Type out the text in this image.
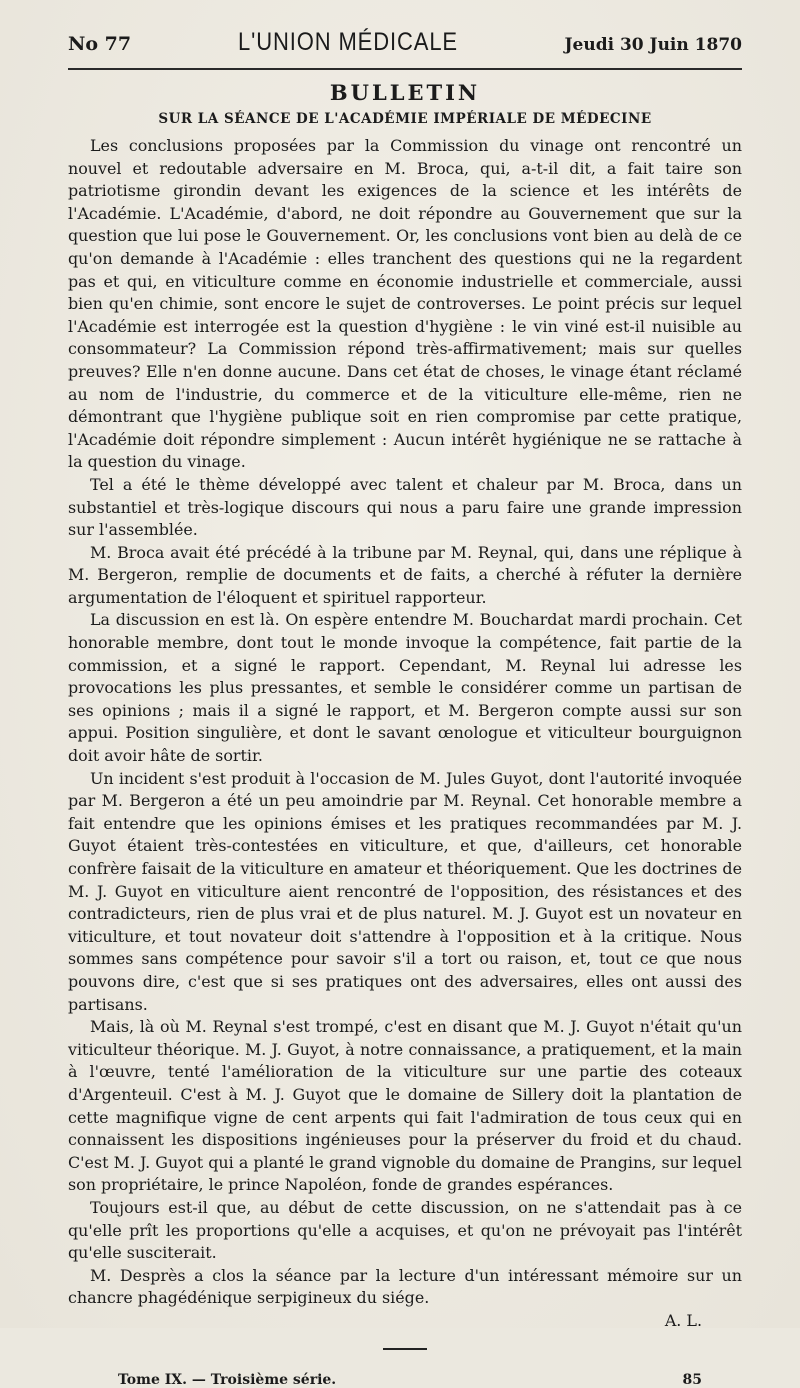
No 77	L'UNION MÉDICALE	Jeudi 30 Juin 1870
BULLETIN
SUR LA SÉANCE DE L'ACADÉMIE IMPÉRIALE DE MÉDECINE

Les conclusions proposées par la Commission du vinage ont rencontré un nouvel et redoutable adversaire en M. Broca, qui, a-t-il dit, a fait taire son patriotisme girondin devant les exigences de la science et les intérêts de l'Académie. L'Académie, d'abord, ne doit répondre au Gouvernement que sur la question que lui pose le Gouvernement. Or, les conclusions vont bien au delà de ce qu'on demande à l'Académie : elles tranchent des questions qui ne la regardent pas et qui, en viticulture comme en économie industrielle et commerciale, aussi bien qu'en chimie, sont encore le sujet de controverses. Le point précis sur lequel l'Académie est interrogée est la question d'hygiène : le vin viné est-il nuisible au consommateur? La Commission répond très-affirmativement; mais sur quelles preuves? Elle n'en donne aucune. Dans cet état de choses, le vinage étant réclamé au nom de l'industrie, du commerce et de la viticulture elle-même, rien ne démontrant que l'hygiène publique soit en rien compromise par cette pratique, l'Académie doit répondre simplement : Aucun intérêt hygiénique ne se rattache à la question du vinage.

Tel a été le thème développé avec talent et chaleur par M. Broca, dans un substantiel et très-logique discours qui nous a paru faire une grande impression sur l'assemblée.

M. Broca avait été précédé à la tribune par M. Reynal, qui, dans une réplique à M. Bergeron, remplie de documents et de faits, a cherché à réfuter la dernière argumentation de l'éloquent et spirituel rapporteur.

La discussion en est là. On espère entendre M. Bouchardat mardi prochain. Cet honorable membre, dont tout le monde invoque la compétence, fait partie de la commission, et a signé le rapport. Cependant, M. Reynal lui adresse les provocations les plus pressantes, et semble le considérer comme un partisan de ses opinions ; mais il a signé le rapport, et M. Bergeron compte aussi sur son appui. Position singulière, et dont le savant œnologue et viticulteur bourguignon doit avoir hâte de sortir.

Un incident s'est produit à l'occasion de M. Jules Guyot, dont l'autorité invoquée par M. Bergeron a été un peu amoindrie par M. Reynal. Cet honorable membre a fait entendre que les opinions émises et les pratiques recommandées par M. J. Guyot étaient très-contestées en viticulture, et que, d'ailleurs, cet honorable confrère faisait de la viticulture en amateur et théoriquement. Que les doctrines de M. J. Guyot en viticulture aient rencontré de l'opposition, des résistances et des contradicteurs, rien de plus vrai et de plus naturel. M. J. Guyot est un novateur en viticulture, et tout novateur doit s'attendre à l'opposition et à la critique. Nous sommes sans compétence pour savoir s'il a tort ou raison, et, tout ce que nous pouvons dire, c'est que si ses pratiques ont des adversaires, elles ont aussi des partisans.

Mais, là où M. Reynal s'est trompé, c'est en disant que M. J. Guyot n'était qu'un viticulteur théorique. M. J. Guyot, à notre connaissance, a pratiquement, et la main à l'œuvre, tenté l'amélioration de la viticulture sur une partie des coteaux d'Argenteuil. C'est à M. J. Guyot que le domaine de Sillery doit la plantation de cette magnifique vigne de cent arpents qui fait l'admiration de tous ceux qui en connaissent les dispositions ingénieuses pour la préserver du froid et du chaud. C'est M. J. Guyot qui a planté le grand vignoble du domaine de Prangins, sur lequel son propriétaire, le prince Napoléon, fonde de grandes espérances.

Toujours est-il que, au début de cette discussion, on ne s'attendait pas à ce qu'elle prît les proportions qu'elle a acquises, et qu'on ne prévoyait pas l'intérêt qu'elle susciterait.

M. Desprès a clos la séance par la lecture d'un intéressant mémoire sur un chancre phagédénique serpigineux du siége.

A. L.
Tome IX. — Troisième série.	85
